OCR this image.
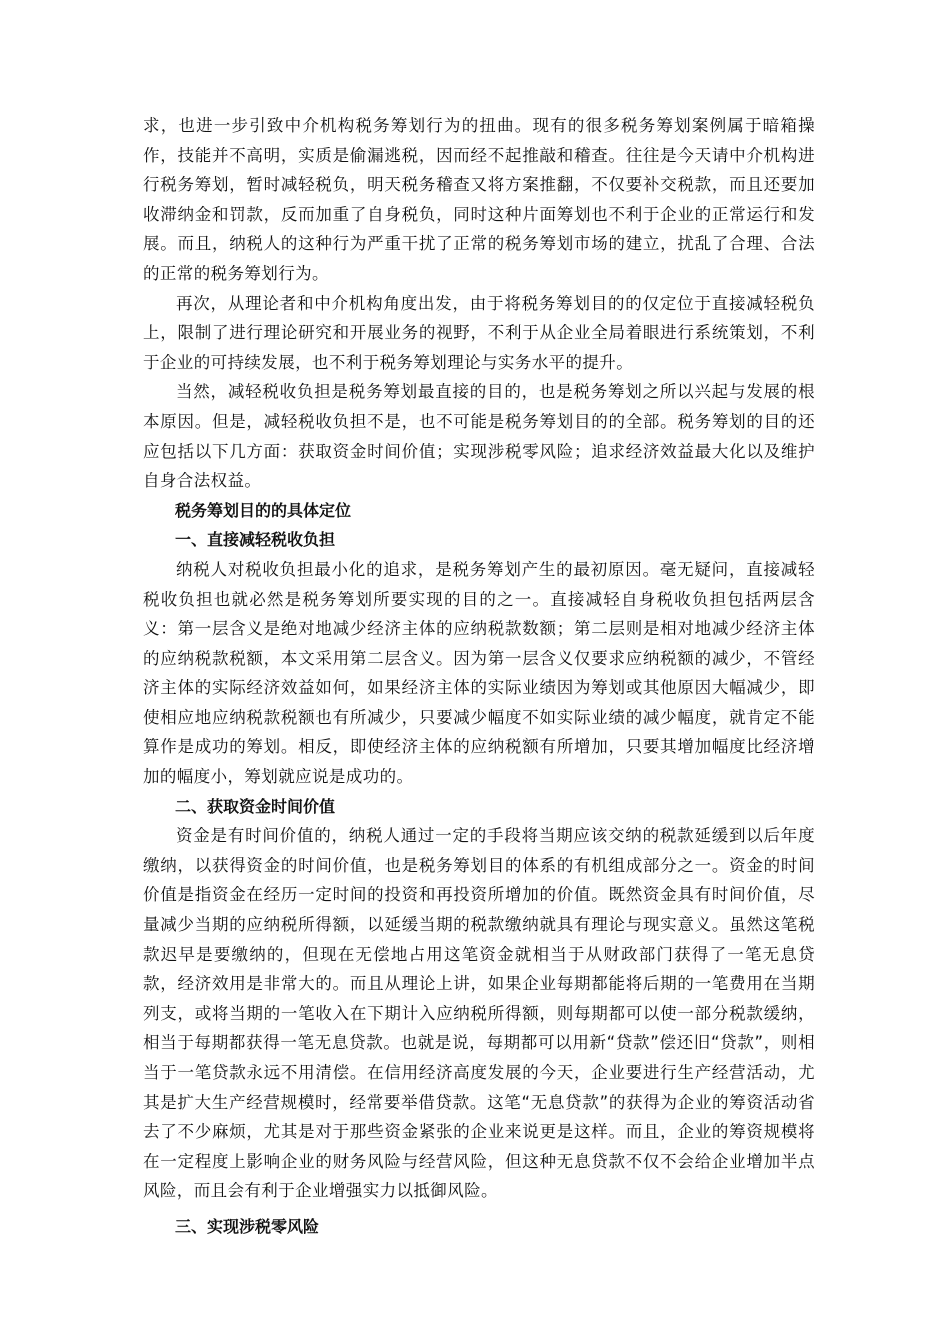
求，也进一步引致中介机构税务筹划行为的扭曲。现有的很多税务筹划案例属于暗箱操作，技能并不高明，实质是偷漏逃税，因而经不起推敲和稽查。往往是今天请中介机构进行税务筹划，暂时减轻税负，明天税务稽查又将方案推翻，不仅要补交税款，而且还要加收滞纳金和罚款，反而加重了自身税负，同时这种片面筹划也不利于企业的正常运行和发展。而且，纳税人的这种行为严重干扰了正常的税务筹划市场的建立，扰乱了合理、合法的正常的税务筹划行为。

再次，从理论者和中介机构角度出发，由于将税务筹划目的的仅定位于直接减轻税负上，限制了进行理论研究和开展业务的视野，不利于从企业全局着眼进行系统策划，不利于企业的可持续发展，也不利于税务筹划理论与实务水平的提升。

当然，减轻税收负担是税务筹划最直接的目的，也是税务筹划之所以兴起与发展的根本原因。但是，减轻税收负担不是，也不可能是税务筹划目的的全部。税务筹划的目的还应包括以下几方面：获取资金时间价值；实现涉税零风险；追求经济效益最大化以及维护自身合法权益。

税务筹划目的的具体定位

一、直接减轻税收负担

纳税人对税收负担最小化的追求，是税务筹划产生的最初原因。毫无疑问，直接减轻税收负担也就必然是税务筹划所要实现的目的之一。直接减轻自身税收负担包括两层含义：第一层含义是绝对地减少经济主体的应纳税款数额；第二层则是相对地减少经济主体的应纳税款税额，本文采用第二层含义。因为第一层含义仅要求应纳税额的减少，不管经济主体的实际经济效益如何，如果经济主体的实际业绩因为筹划或其他原因大幅减少，即使相应地应纳税款税额也有所减少，只要减少幅度不如实际业绩的减少幅度，就肯定不能算作是成功的筹划。相反，即使经济主体的应纳税额有所增加，只要其增加幅度比经济增加的幅度小，筹划就应说是成功的。

二、获取资金时间价值

资金是有时间价值的，纳税人通过一定的手段将当期应该交纳的税款延缓到以后年度缴纳，以获得资金的时间价值，也是税务筹划目的体系的有机组成部分之一。资金的时间价值是指资金在经历一定时间的投资和再投资所增加的价值。既然资金具有时间价值，尽量减少当期的应纳税所得额，以延缓当期的税款缴纳就具有理论与现实意义。虽然这笔税款迟早是要缴纳的，但现在无偿地占用这笔资金就相当于从财政部门获得了一笔无息贷款，经济效用是非常大的。而且从理论上讲，如果企业每期都能将后期的一笔费用在当期列支，或将当期的一笔收入在下期计入应纳税所得额，则每期都可以使一部分税款缓纳，相当于每期都获得一笔无息贷款。也就是说，每期都可以用新“贷款”偿还旧“贷款”，则相当于一笔贷款永远不用清偿。在信用经济高度发展的今天，企业要进行生产经营活动，尤其是扩大生产经营规模时，经常要举借贷款。这笔“无息贷款”的获得为企业的筹资活动省去了不少麻烦，尤其是对于那些资金紧张的企业来说更是这样。而且，企业的筹资规模将在一定程度上影响企业的财务风险与经营风险，但这种无息贷款不仅不会给企业增加半点风险，而且会有利于企业增强实力以抵御风险。

三、实现涉税零风险
